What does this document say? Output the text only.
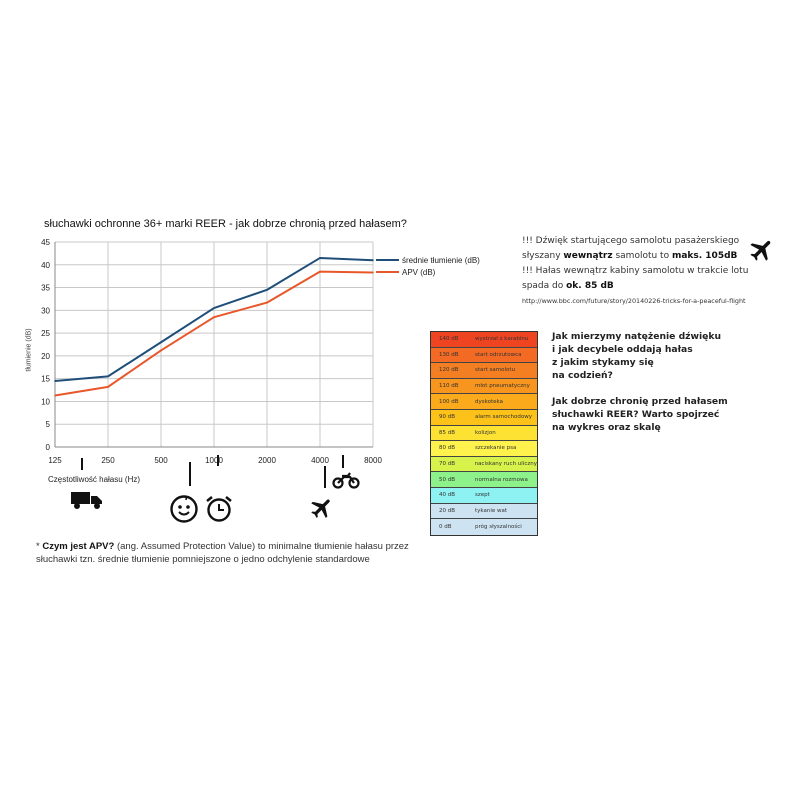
słuchawki ochronne 36+ marki REER - jak dobrze chronią przed hałasem?
0
5
10
15
20
25
30
35
40
45
125	250	500	1000	2000	4000	8000
średnie tłumienie (dB)
APV (dB)
tłumienie (dB)
Częstotliwość hałasu (Hz)
!!! Dźwięk startującego samolotu pasażerskiego
słyszany wewnątrz samolotu to maks. 105dB
!!! Hałas wewnątrz kabiny samolotu w trakcie lotu
spada do ok. 85 dB
http://www.bbc.com/future/story/20140226-tricks-for-a-peaceful-flight
140 dB	wystrzał z karabinu
130 dB	start odrzutowca
120 dB	start samolotu
110 dB	młot pneumatyczny
100 dB	dyskoteka
90 dB	alarm samochodowy
85 dB	kolizjon
80 dB	szczekanie psa
70 dB	naciskany ruch uliczny
50 dB	normalna rozmowa
40 dB	szept
20 dB	tykanie wat
0 dB	próg słyszalności
Jak mierzymy natężenie dźwięku
i jak decybele oddają hałas
z jakim stykamy się
na codzień?
Jak dobrze chronię przed hałasem
słuchawki REER? Warto spojrzeć
na wykres oraz skalę
* Czym jest APV? (ang. Assumed Protection Value) to minimalne tłumienie hałasu przez słuchawki tzn. średnie tłumienie pomniejszone o jedno odchylenie standardowe
